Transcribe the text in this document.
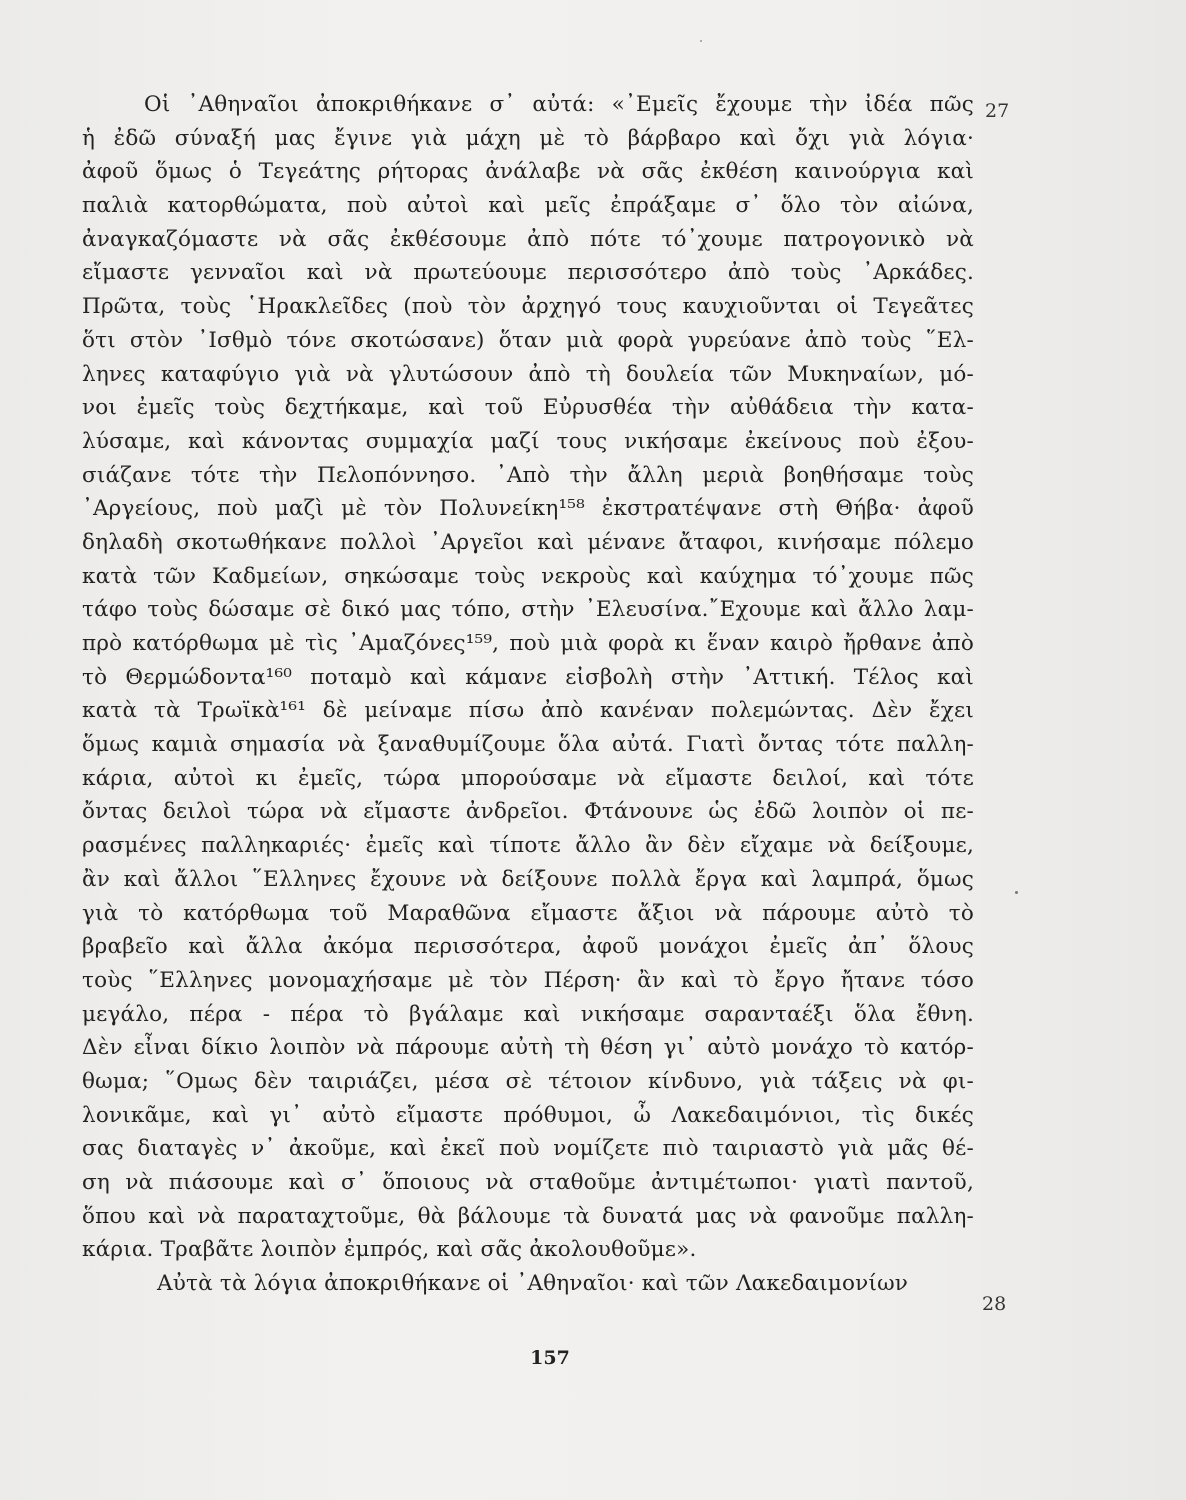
Οἱ ᾿Αθηναῖοι ἀποκριθήκανε σ᾿ αὐτά: «᾿Εμεῖς ἔχουμε τὴν ἰδέα πῶς
ἡ ἐδῶ σύναξή μας ἔγινε γιὰ μάχη μὲ τὸ βάρβαρο καὶ ὄχι γιὰ λόγια·
ἀφοῦ ὅμως ὁ Τεγεάτης ρήτορας ἀνάλαβε νὰ σᾶς ἐκθέση καινούργια καὶ
παλιὰ κατορθώματα, ποὺ αὐτοὶ καὶ μεῖς ἐπράξαμε σ᾿ ὅλο τὸν αἰώνα,
ἀναγκαζόμαστε νὰ σᾶς ἐκθέσουμε ἀπὸ πότε τό᾿χουμε πατρογονικὸ νὰ
εἴμαστε γενναῖοι καὶ νὰ πρωτεύουμε περισσότερο ἀπὸ τοὺς ᾿Αρκάδες.
Πρῶτα, τοὺς ῾Ηρακλεῖδες (ποὺ τὸν ἀρχηγό τους καυχιοῦνται οἱ Τεγεᾶτες
ὅτι στὸν ᾿Ισθμὸ τόνε σκοτώσανε) ὅταν μιὰ φορὰ γυρεύανε ἀπὸ τοὺς ῞Ελ-
ληνες καταφύγιο γιὰ νὰ γλυτώσουν ἀπὸ τὴ δουλεία τῶν Μυκηναίων, μό-
νοι ἐμεῖς τοὺς δεχτήκαμε, καὶ τοῦ Εὐρυσθέα τὴν αὐθάδεια τὴν κατα-
λύσαμε, καὶ κάνοντας συμμαχία μαζί τους νικήσαμε ἐκείνους ποὺ ἐξου-
σιάζανε τότε τὴν Πελοπόννησο. ᾿Απὸ τὴν ἄλλη μεριὰ βοηθήσαμε τοὺς
᾿Αργείους, ποὺ μαζὶ μὲ τὸν Πολυνείκη¹⁵⁸ ἐκστρατέψανε στὴ Θήβα· ἀφοῦ
δηλαδὴ σκοτωθήκανε πολλοὶ ᾿Αργεῖοι καὶ μένανε ἄταφοι, κινήσαμε πόλεμο
κατὰ τῶν Καδμείων, σηκώσαμε τοὺς νεκροὺς καὶ καύχημα τό᾿χουμε πῶς
τάφο τοὺς δώσαμε σὲ δικό μας τόπο, στὴν ᾿Ελευσίνα.῎Εχουμε καὶ ἄλλο λαμ-
πρὸ κατόρθωμα μὲ τὶς ᾿Αμαζόνες¹⁵⁹, ποὺ μιὰ φορὰ κι ἕναν καιρὸ ἤρθανε ἀπὸ
τὸ Θερμώδοντα¹⁶⁰ ποταμὸ καὶ κάμανε εἰσβολὴ στὴν ᾿Αττική. Τέλος καὶ
κατὰ τὰ Τρωϊκὰ¹⁶¹ δὲ μείναμε πίσω ἀπὸ κανέναν πολεμώντας. Δὲν ἔχει
ὅμως καμιὰ σημασία νὰ ξαναθυμίζουμε ὅλα αὐτά. Γιατὶ ὄντας τότε παλλη-
κάρια, αὐτοὶ κι ἐμεῖς, τώρα μπορούσαμε νὰ εἴμαστε δειλοί, καὶ τότε
ὄντας δειλοὶ τώρα νὰ εἴμαστε ἀνδρεῖοι. Φτάνουνε ὡς ἐδῶ λοιπὸν οἱ πε-
ρασμένες παλληκαριές· ἐμεῖς καὶ τίποτε ἄλλο ἂν δὲν εἴχαμε νὰ δείξουμε,
ἂν καὶ ἄλλοι ῞Ελληνες ἔχουνε νὰ δείξουνε πολλὰ ἔργα καὶ λαμπρά, ὅμως
γιὰ τὸ κατόρθωμα τοῦ Μαραθῶνα εἴμαστε ἄξιοι νὰ πάρουμε αὐτὸ τὸ
βραβεῖο καὶ ἄλλα ἀκόμα περισσότερα, ἀφοῦ μονάχοι ἐμεῖς ἀπ᾿ ὅλους
τοὺς ῞Ελληνες μονομαχήσαμε μὲ τὸν Πέρση· ἂν καὶ τὸ ἔργο ἤτανε τόσο
μεγάλο, πέρα - πέρα τὸ βγάλαμε καὶ νικήσαμε σαρανταέξι ὅλα ἔθνη.
Δὲν εἶναι δίκιο λοιπὸν νὰ πάρουμε αὐτὴ τὴ θέση γι᾿ αὐτὸ μονάχο τὸ κατόρ-
θωμα; ῞Ομως δὲν ταιριάζει, μέσα σὲ τέτοιον κίνδυνο, γιὰ τάξεις νὰ φι-
λονικᾶμε, καὶ γι᾿ αὐτὸ εἴμαστε πρόθυμοι, ὦ Λακεδαιμόνιοι, τὶς δικές
σας διαταγὲς ν᾿ ἀκοῦμε, καὶ ἐκεῖ ποὺ νομίζετε πιὸ ταιριαστὸ γιὰ μᾶς θέ-
ση νὰ πιάσουμε καὶ σ᾿ ὅποιους νὰ σταθοῦμε ἀντιμέτωποι· γιατὶ παντοῦ,
ὅπου καὶ νὰ παραταχτοῦμε, θὰ βάλουμε τὰ δυνατά μας νὰ φανοῦμε παλλη-
κάρια. Τραβᾶτε λοιπὸν ἐμπρός, καὶ σᾶς ἀκολουθοῦμε».
Αὐτὰ τὰ λόγια ἀποκριθήκανε οἱ ᾿Αθηναῖοι· καὶ τῶν Λακεδαιμονίων
27
28
157
